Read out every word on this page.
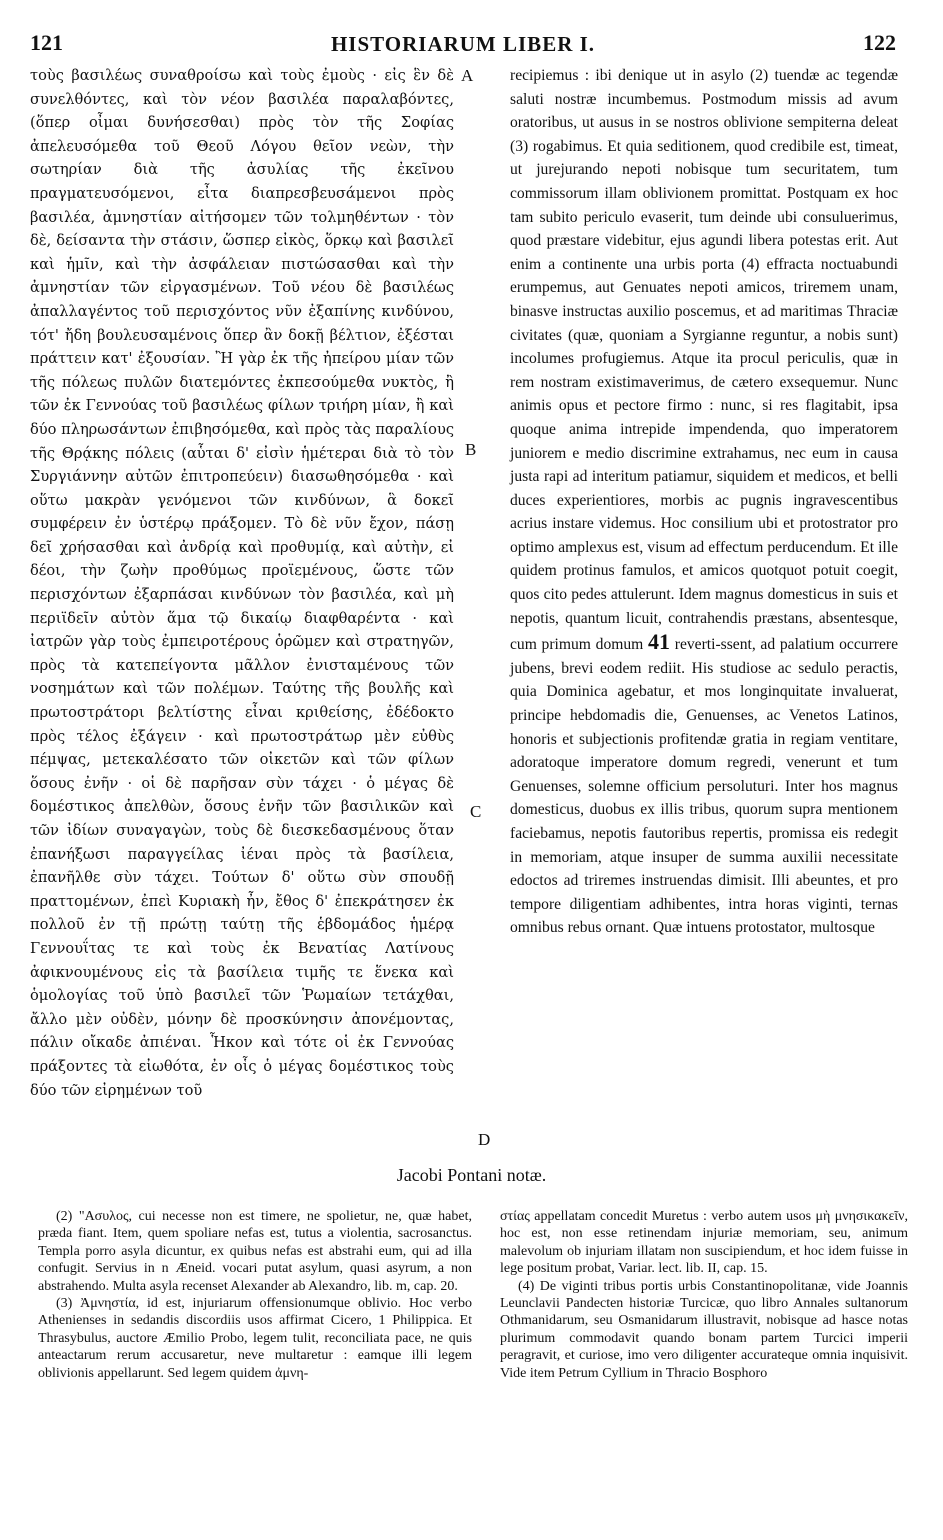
121	HISTORIARUM LIBER I.	122

τοὺς βασιλέως συναθροίσω καὶ τοὺς ἐμοὺς · εἰς ἓν δὲ συνελθόντες, καὶ τὸν νέον βασιλέα παραλαβόντες, (ὅπερ οἶμαι δυνήσεσθαι) πρὸς τὸν τῆς Σοφίας ἀπελευσόμεθα τοῦ Θεοῦ Λόγου θεῖον νεὼν, τὴν σωτηρίαν διὰ τῆς ἀσυλίας τῆς ἐκεῖνου πραγματευσόμενοι, εἶτα διαπρεσβευσάμενοι πρὸς βασιλέα, ἀμνηστίαν αἰτήσομεν τῶν τολμηθέντων · τὸν δὲ, δείσαντα τὴν στάσιν, ὥσπερ εἰκὸς, ὅρκῳ καὶ βασιλεῖ καὶ ἡμῖν, καὶ τὴν ἀσφάλειαν πιστώσασθαι καὶ τὴν ἀμνηστίαν τῶν εἰργασμένων. Τοῦ νέου δὲ βασιλέως ἀπαλλαγέντος τοῦ περισχόντος νῦν ἐξαπίνης κινδύνου, τότ' ἤδη βουλευσαμένοις ὅπερ ἂν δοκῇ βέλτιον, ἐξέσται πράττειν κατ' ἐξουσίαν. Ἢ γὰρ ἐκ τῆς ἠπείρου μίαν τῶν τῆς πόλεως πυλῶν διατεμόντες ἐκπεσούμεθα νυκτὸς, ἢ τῶν ἐκ Γεννούας τοῦ βασιλέως φίλων τριήρη μίαν, ἢ καὶ δύο πληρωσάντων ἐπιβησόμεθα, καὶ πρὸς τὰς παραλίους τῆς Θρᾴκης πόλεις (αὗται δ' εἰσὶν ἡμέτεραι διὰ τὸ τὸν Συργιάννην αὐτῶν ἐπιτροπεύειν) διασωθησόμεθα · καὶ οὕτω μακρὰν γενόμενοι τῶν κινδύνων, ἃ δοκεῖ συμφέρειν ἐν ὑστέρῳ πράξομεν. Τὸ δὲ νῦν ἔχον, πάσῃ δεῖ χρήσασθαι καὶ ἀνδρίᾳ καὶ προθυμίᾳ, καὶ αὐτὴν, εἰ δέοι, τὴν ζωὴν προθύμως προϊεμένους, ὥστε τῶν περισχόντων ἐξαρπάσαι κινδύνων τὸν βασιλέα, καὶ μὴ περιϊδεῖν αὐτὸν ἅμα τῷ δικαίῳ διαφθαρέντα · καὶ ἰατρῶν γὰρ τοὺς ἐμπειροτέρους ὁρῶμεν καὶ στρατηγῶν, πρὸς τὰ κατεπείγοντα μᾶλλον ἐνισταμένους τῶν νοσημάτων καὶ τῶν πολέμων. Ταύτης τῆς βουλῆς καὶ πρωτοστράτορι βελτίστης εἶναι κριθείσης, ἐδέδοκτο πρὸς τέλος ἐξάγειν · καὶ πρωτοστράτωρ μὲν εὐθὺς πέμψας, μετεκαλέσατο τῶν οἰκετῶν καὶ τῶν φίλων ὅσους ἐνῆν · οἱ δὲ παρῆσαν σὺν τάχει · ὁ μέγας δὲ δομέστικος ἀπελθὼν, ὅσους ἐνῆν τῶν βασιλικῶν καὶ τῶν ἰδίων συναγαγὼν, τοὺς δὲ διεσκεδασμένους ὅταν ἐπανήξωσι παραγγείλας ἰέναι πρὸς τὰ βασίλεια, ἐπανῆλθε σὺν τάχει. Τούτων δ' οὕτω σὺν σπουδῇ πραττομένων, ἐπεὶ Κυριακὴ ἦν, ἔθος δ' ἐπεκράτησεν ἐκ πολλοῦ ἐν τῇ πρώτῃ ταύτῃ τῆς ἑβδομάδος ἡμέρᾳ Γεννουΐτας τε καὶ τοὺς ἐκ Βενατίας Λατίνους ἀφικνουμένους εἰς τὰ βασίλεια τιμῆς τε ἕνεκα καὶ ὁμολογίας τοῦ ὑπὸ βασιλεῖ τῶν Ῥωμαίων τετάχθαι, ἄλλο μὲν οὐδὲν, μόνην δὲ προσκύνησιν ἀπονέμοντας, πάλιν οἴκαδε ἀπιέναι. Ἧκον καὶ τότε οἱ ἐκ Γεννούας πράξοντες τὰ εἰωθότα, ἐν οἷς ὁ μέγας δομέστικος τοὺς δύο τῶν εἰρημένων τοῦ

A
B
C
D

recipiemus : ibi denique ut in asylo (2) tuendæ ac tegendæ saluti nostræ incumbemus. Postmodum missis ad avum oratoribus, ut ausus in se nostros oblivione sempiterna deleat (3) rogabimus. Et quia seditionem, quod credibile est, timeat, ut jurejurando nepoti nobisque tum securitatem, tum commissorum illam oblivionem promittat. Postquam ex hoc tam subito periculo evaserit, tum deinde ubi consuluerimus, quod præstare videbitur, ejus agundi libera potestas erit. Aut enim a continente una urbis porta (4) effracta noctuabundi erumpemus, aut Genuates nepoti amicos, triremem unam, binasve instructas auxilio poscemus, et ad maritimas Thraciæ civitates (quæ, quoniam a Syrgianne reguntur, a nobis sunt) incolumes profugiemus. Atque ita procul periculis, quæ in rem nostram existimaverimus, de cætero exsequemur. Nunc animis opus et pectore firmo : nunc, si res flagitabit, ipsa quoque anima intrepide impendenda, quo imperatorem juniorem e medio discrimine extrahamus, nec eum in causa justa rapi ad interitum patiamur, siquidem et medicos, et belli duces experientiores, morbis ac pugnis ingravescentibus acrius instare videmus. Hoc consilium ubi et protostrator pro optimo amplexus est, visum ad effectum perducendum. Et ille quidem protinus famulos, et amicos quotquot potuit coegit, quos cito pedes attulerunt. Idem magnus domesticus in suis et nepotis, quantum licuit, contrahendis præstans, absentesque, cum primum domum 41 reverti-ssent, ad palatium occurrere jubens, brevi eodem rediit. His studiose ac sedulo peractis, quia Dominica agebatur, et mos longinquitate invaluerat, principe hebdomadis die, Genuenses, ac Venetos Latinos, honoris et subjectionis profitendæ gratia in regiam ventitare, adoratoque imperatore domum regredi, venerunt et tum Genuenses, solemne officium persoluturi. Inter hos magnus domesticus, duobus ex illis tribus, quorum supra mentionem faciebamus, nepotis fautoribus repertis, promissa eis redegit in memoriam, atque insuper de summa auxilii necessitate edoctos ad triremes instruendas dimisit. Illi abeuntes, et pro tempore diligentiam adhibentes, intra horas viginti, ternas omnibus rebus ornant. Quæ intuens protostator, multosque

Jacobi Pontani notæ.

(2) "Ασυλος, cui necesse non est timere, ne spolietur, ne, quæ habet, præda fiant. Item, quem spoliare nefas est, tutus a violentia, sacrosanctus. Templa porro asyla dicuntur, ex quibus nefas est abstrahi eum, qui ad illa confugit. Servius in n Æneid. vocari putat asylum, quasi asyrum, a non abstrahendo. Multa asyla recenset Alexander ab Alexandro, lib. m, cap. 20.

(3) Ἀμνηστία, id est, injuriarum offensionumque oblivio. Hoc verbo Athenienses in sedandis discordiis usos affirmat Cicero, 1 Philippica. Et Thrasybulus, auctore Æmilio Probo, legem tulit, reconciliata pace, ne quis anteactarum rerum accusaretur, neve multaretur : eamque illi legem oblivionis appellarunt. Sed legem quidem ἀμνη-

στίας appellatam concedit Muretus : verbo autem usos μὴ μνησικακεῖν, hoc est, non esse retinendam injuriæ memoriam, seu, animum malevolum ob injuriam illatam non suscipiendum, et hoc idem fuisse in lege positum probat, Variar. lect. lib. II, cap. 15.

(4) De viginti tribus portis urbis Constantinopolitanæ, vide Joannis Leunclavii Pandecten historiæ Turcicæ, quo libro Annales sultanorum Othmanidarum, seu Osmanidarum illustravit, nobisque ad hasce notas plurimum commodavit quando bonam partem Turcici imperii peragravit, et curiose, imo vero diligenter accurateque omnia inquisivit. Vide item Petrum Cyllium in Thracio Bosphoro
